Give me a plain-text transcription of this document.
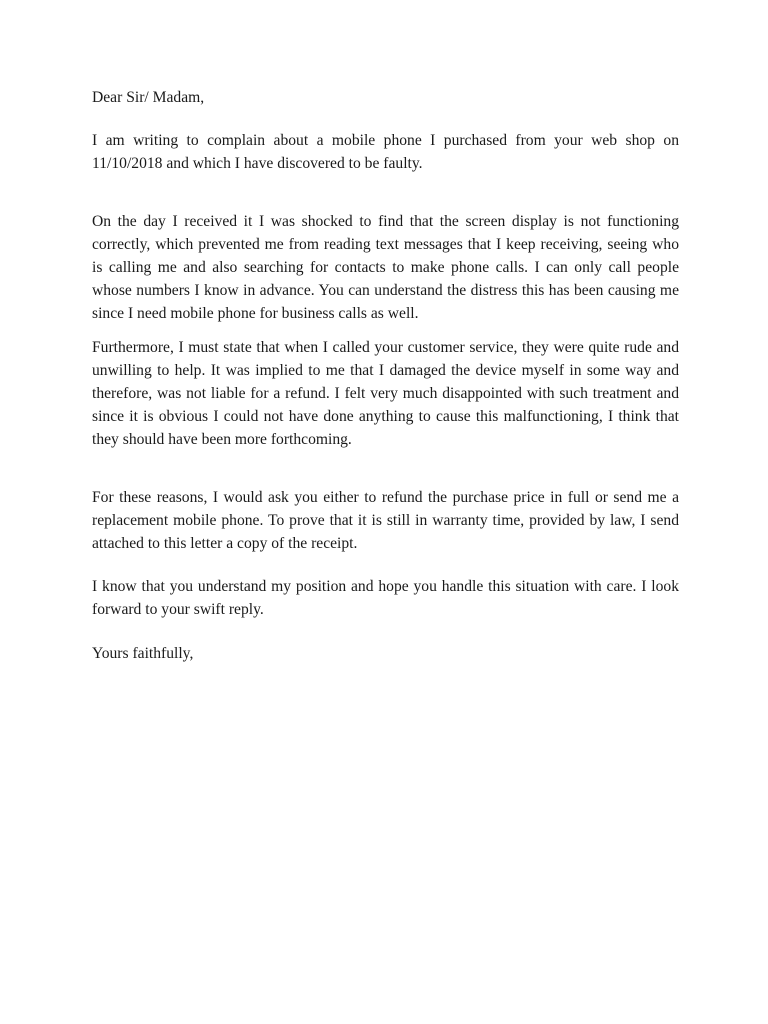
Dear Sir/ Madam,

I am writing to complain about a mobile phone I purchased from your web shop on 11/10/2018 and which I have discovered to be faulty.

On the day I received it I was shocked to find that the screen display is not functioning correctly, which prevented me from reading text messages that I keep receiving, seeing who is calling me and also searching for contacts to make phone calls. I can only call people whose numbers I know in advance. You can understand the distress this has been causing me since I need mobile phone for business calls as well.

Furthermore, I must state that when I called your customer service, they were quite rude and unwilling to help. It was implied to me that I damaged the device myself in some way and therefore, was not liable for a refund. I felt very much disappointed with such treatment and since it is obvious I could not have done anything to cause this malfunctioning, I think that they should have been more forthcoming.

For these reasons, I would ask you either to refund the purchase price in full or send me a replacement mobile phone. To prove that it is still in warranty time, provided by law, I send attached to this letter a copy of the receipt.

I know that you understand my position and hope you handle this situation with care. I look forward to your swift reply.

Yours faithfully,
